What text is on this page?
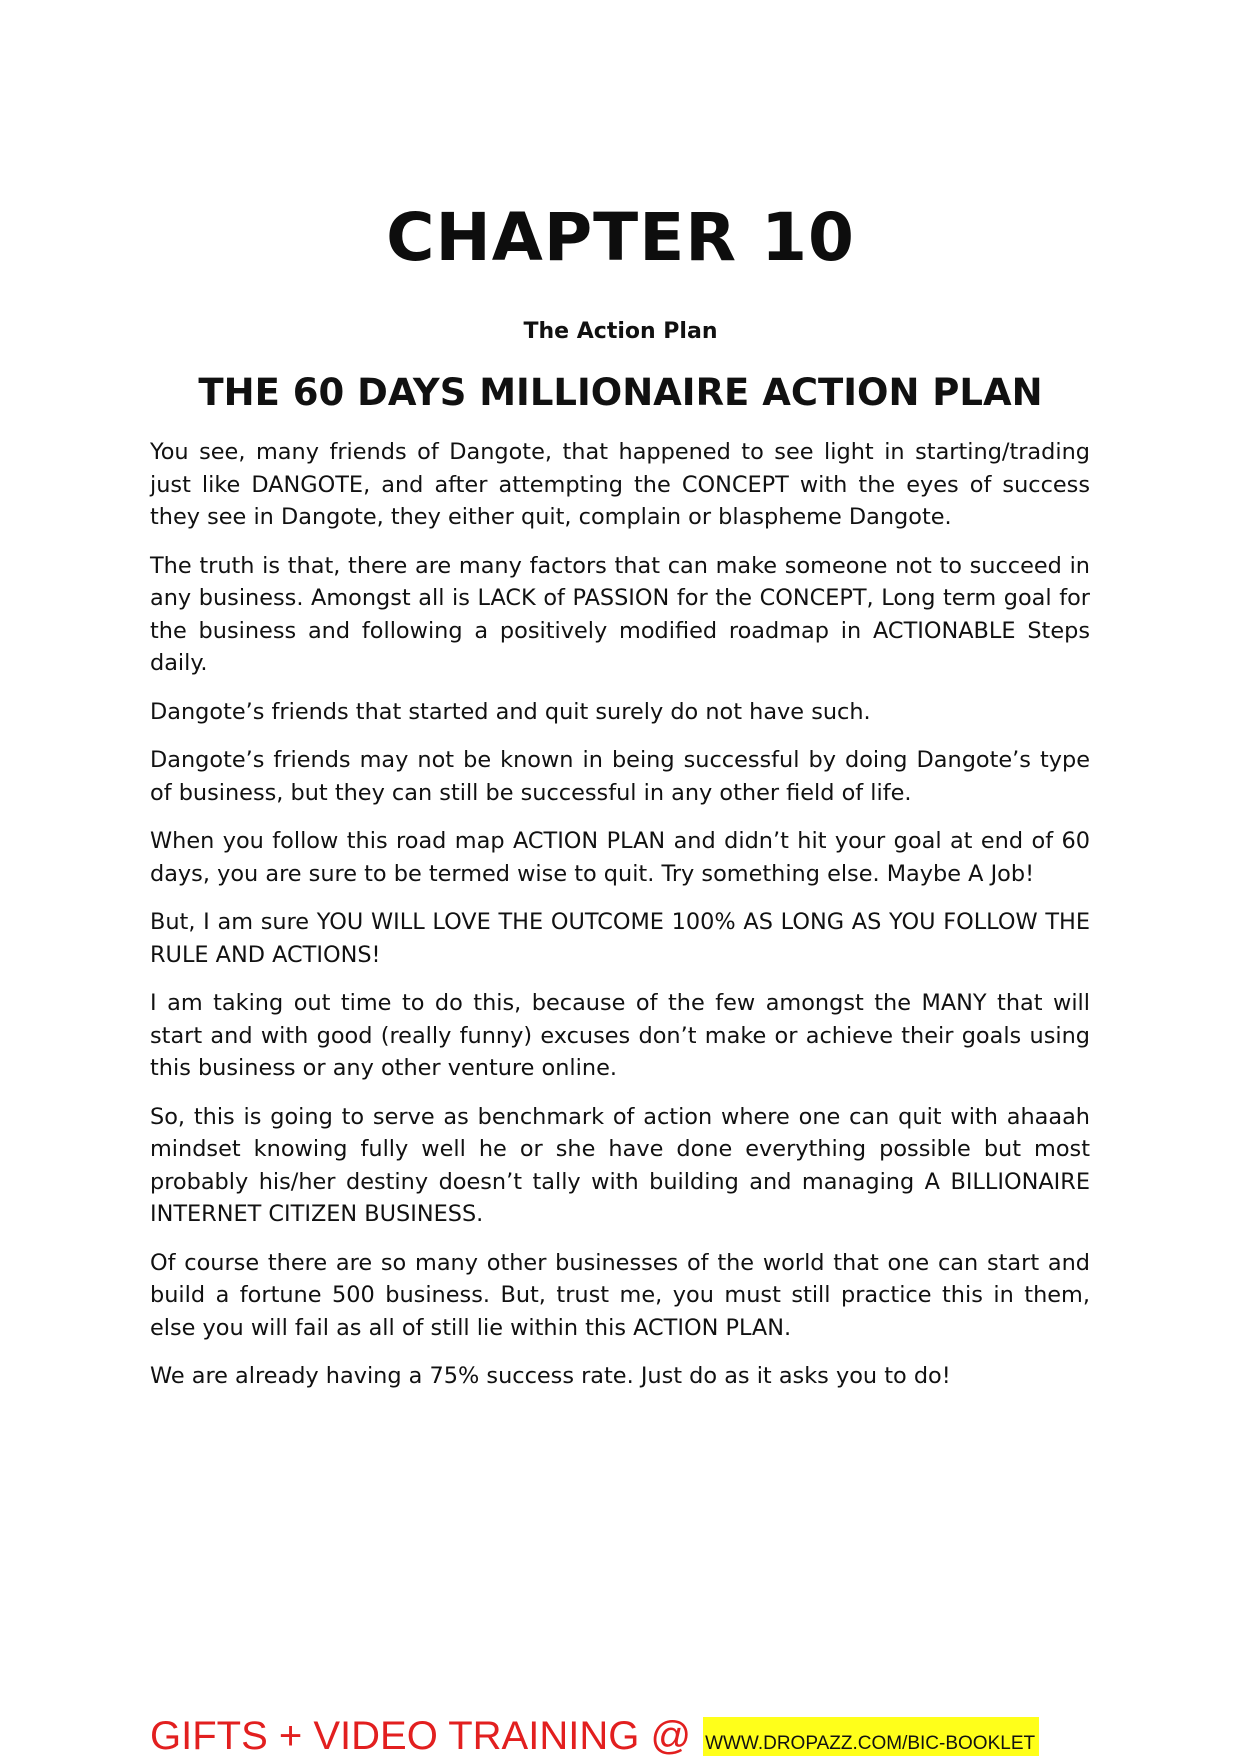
CHAPTER 10
The Action Plan
THE 60 DAYS MILLIONAIRE ACTION PLAN

You see, many friends of Dangote, that happened to see light in starting/trading just like DANGOTE, and after attempting the CONCEPT with the eyes of success they see in Dangote, they either quit, complain or blaspheme Dangote.

The truth is that, there are many factors that can make someone not to succeed in any business. Amongst all is LACK of PASSION for the CONCEPT, Long term goal for the business and following a positively modified roadmap in ACTIONABLE Steps daily.

Dangote’s friends that started and quit surely do not have such.

Dangote’s friends may not be known in being successful by doing Dangote’s type of business, but they can still be successful in any other field of life.

When you follow this road map ACTION PLAN and didn’t hit your goal at end of 60 days, you are sure to be termed wise to quit. Try something else. Maybe A Job!

But, I am sure YOU WILL LOVE THE OUTCOME 100% AS LONG AS YOU FOLLOW THE RULE AND ACTIONS!

I am taking out time to do this, because of the few amongst the MANY that will start and with good (really funny) excuses don’t make or achieve their goals using this business or any other venture online.

So, this is going to serve as benchmark of action where one can quit with ahaaah mindset knowing fully well he or she have done everything possible but most probably his/her destiny doesn’t tally with building and managing A BILLIONAIRE INTERNET CITIZEN BUSINESS.

Of course there are so many other businesses of the world that one can start and build a fortune 500 business. But, trust me, you must still practice this in them, else you will fail as all of still lie within this ACTION PLAN.

We are already having a 75% success rate. Just do as it asks you to do!

GIFTS + VIDEO TRAINING @ WWW.DROPAZZ.COM/BIC-BOOKLET
